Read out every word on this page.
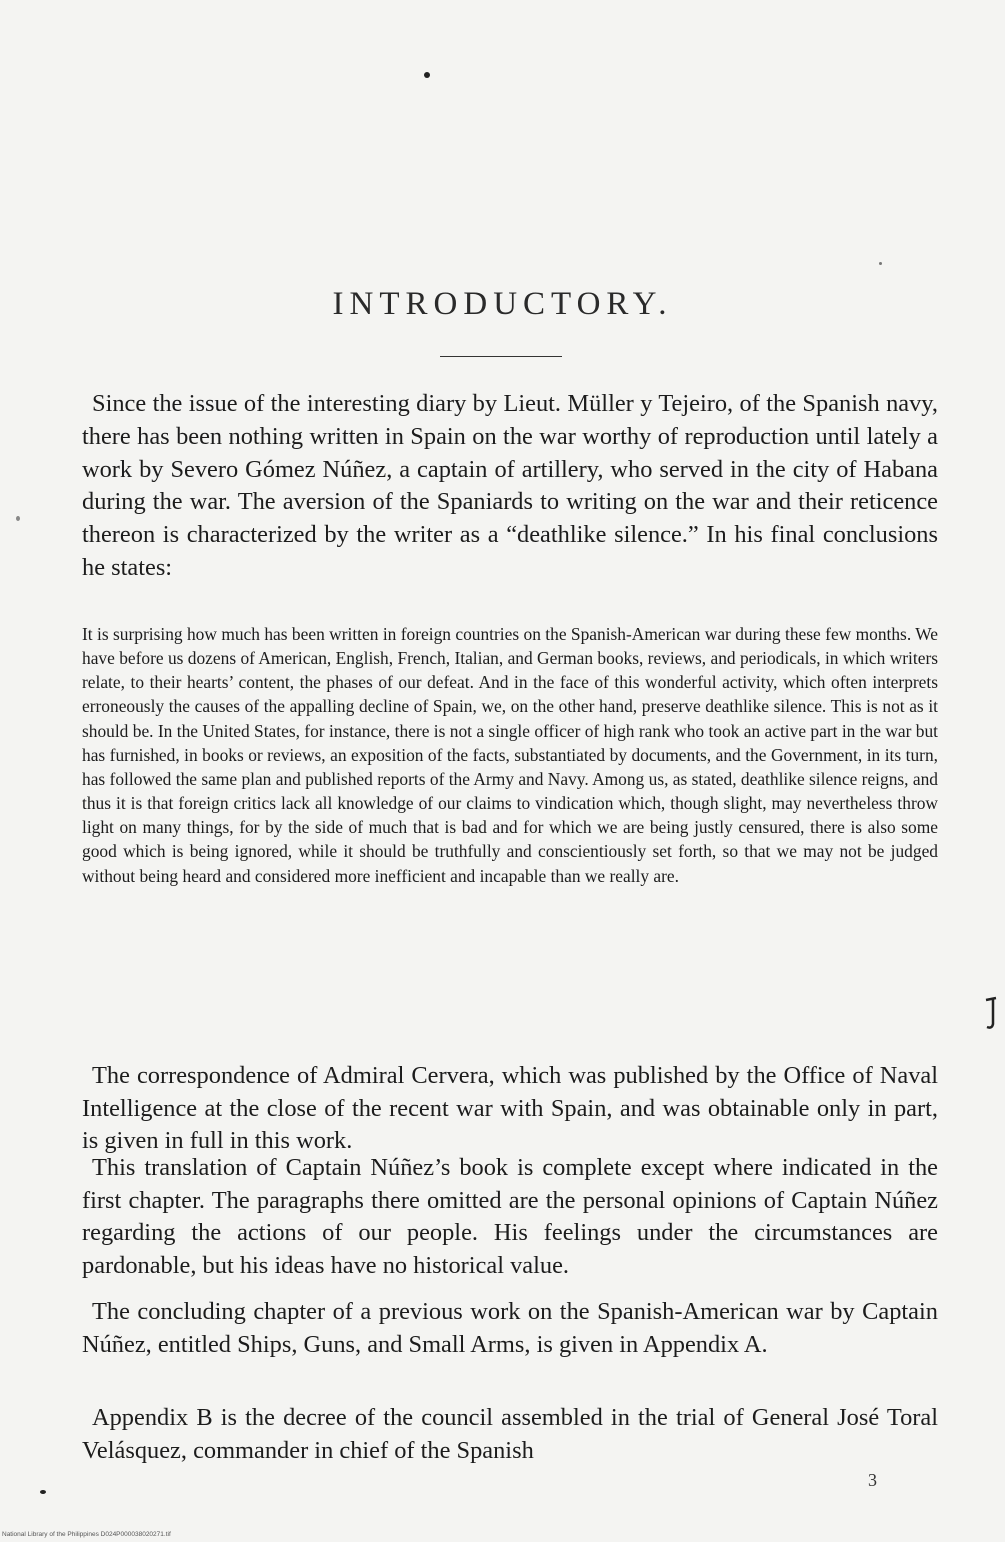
INTRODUCTORY.

Since the issue of the interesting diary by Lieut. Müller y Tejeiro, of the Spanish navy, there has been nothing written in Spain on the war worthy of reproduction until lately a work by Severo Gómez Núñez, a captain of artillery, who served in the city of Habana during the war. The aversion of the Spaniards to writing on the war and their reticence thereon is characterized by the writer as a “deathlike silence.” In his final conclusions he states:

It is surprising how much has been written in foreign countries on the Spanish-American war during these few months. We have before us dozens of American, English, French, Italian, and German books, reviews, and periodicals, in which writers relate, to their hearts’ content, the phases of our defeat. And in the face of this wonderful activity, which often interprets erroneously the causes of the appalling decline of Spain, we, on the other hand, preserve deathlike silence. This is not as it should be. In the United States, for instance, there is not a single officer of high rank who took an active part in the war but has furnished, in books or reviews, an exposition of the facts, substantiated by documents, and the Government, in its turn, has followed the same plan and published reports of the Army and Navy. Among us, as stated, deathlike silence reigns, and thus it is that foreign critics lack all knowledge of our claims to vindication which, though slight, may nevertheless throw light on many things, for by the side of much that is bad and for which we are being justly censured, there is also some good which is being ignored, while it should be truthfully and conscientiously set forth, so that we may not be judged without being heard and considered more inefficient and incapable than we really are.

The correspondence of Admiral Cervera, which was published by the Office of Naval Intelligence at the close of the recent war with Spain, and was obtainable only in part, is given in full in this work.

This translation of Captain Núñez’s book is complete except where indicated in the first chapter. The paragraphs there omitted are the personal opinions of Captain Núñez regarding the actions of our people. His feelings under the circumstances are pardonable, but his ideas have no historical value.

The concluding chapter of a previous work on the Spanish-American war by Captain Núñez, entitled Ships, Guns, and Small Arms, is given in Appendix A.

Appendix B is the decree of the council assembled in the trial of General José Toral Velásquez, commander in chief of the Spanish

3
National Library of the Philippines D024P000038020271.tif
